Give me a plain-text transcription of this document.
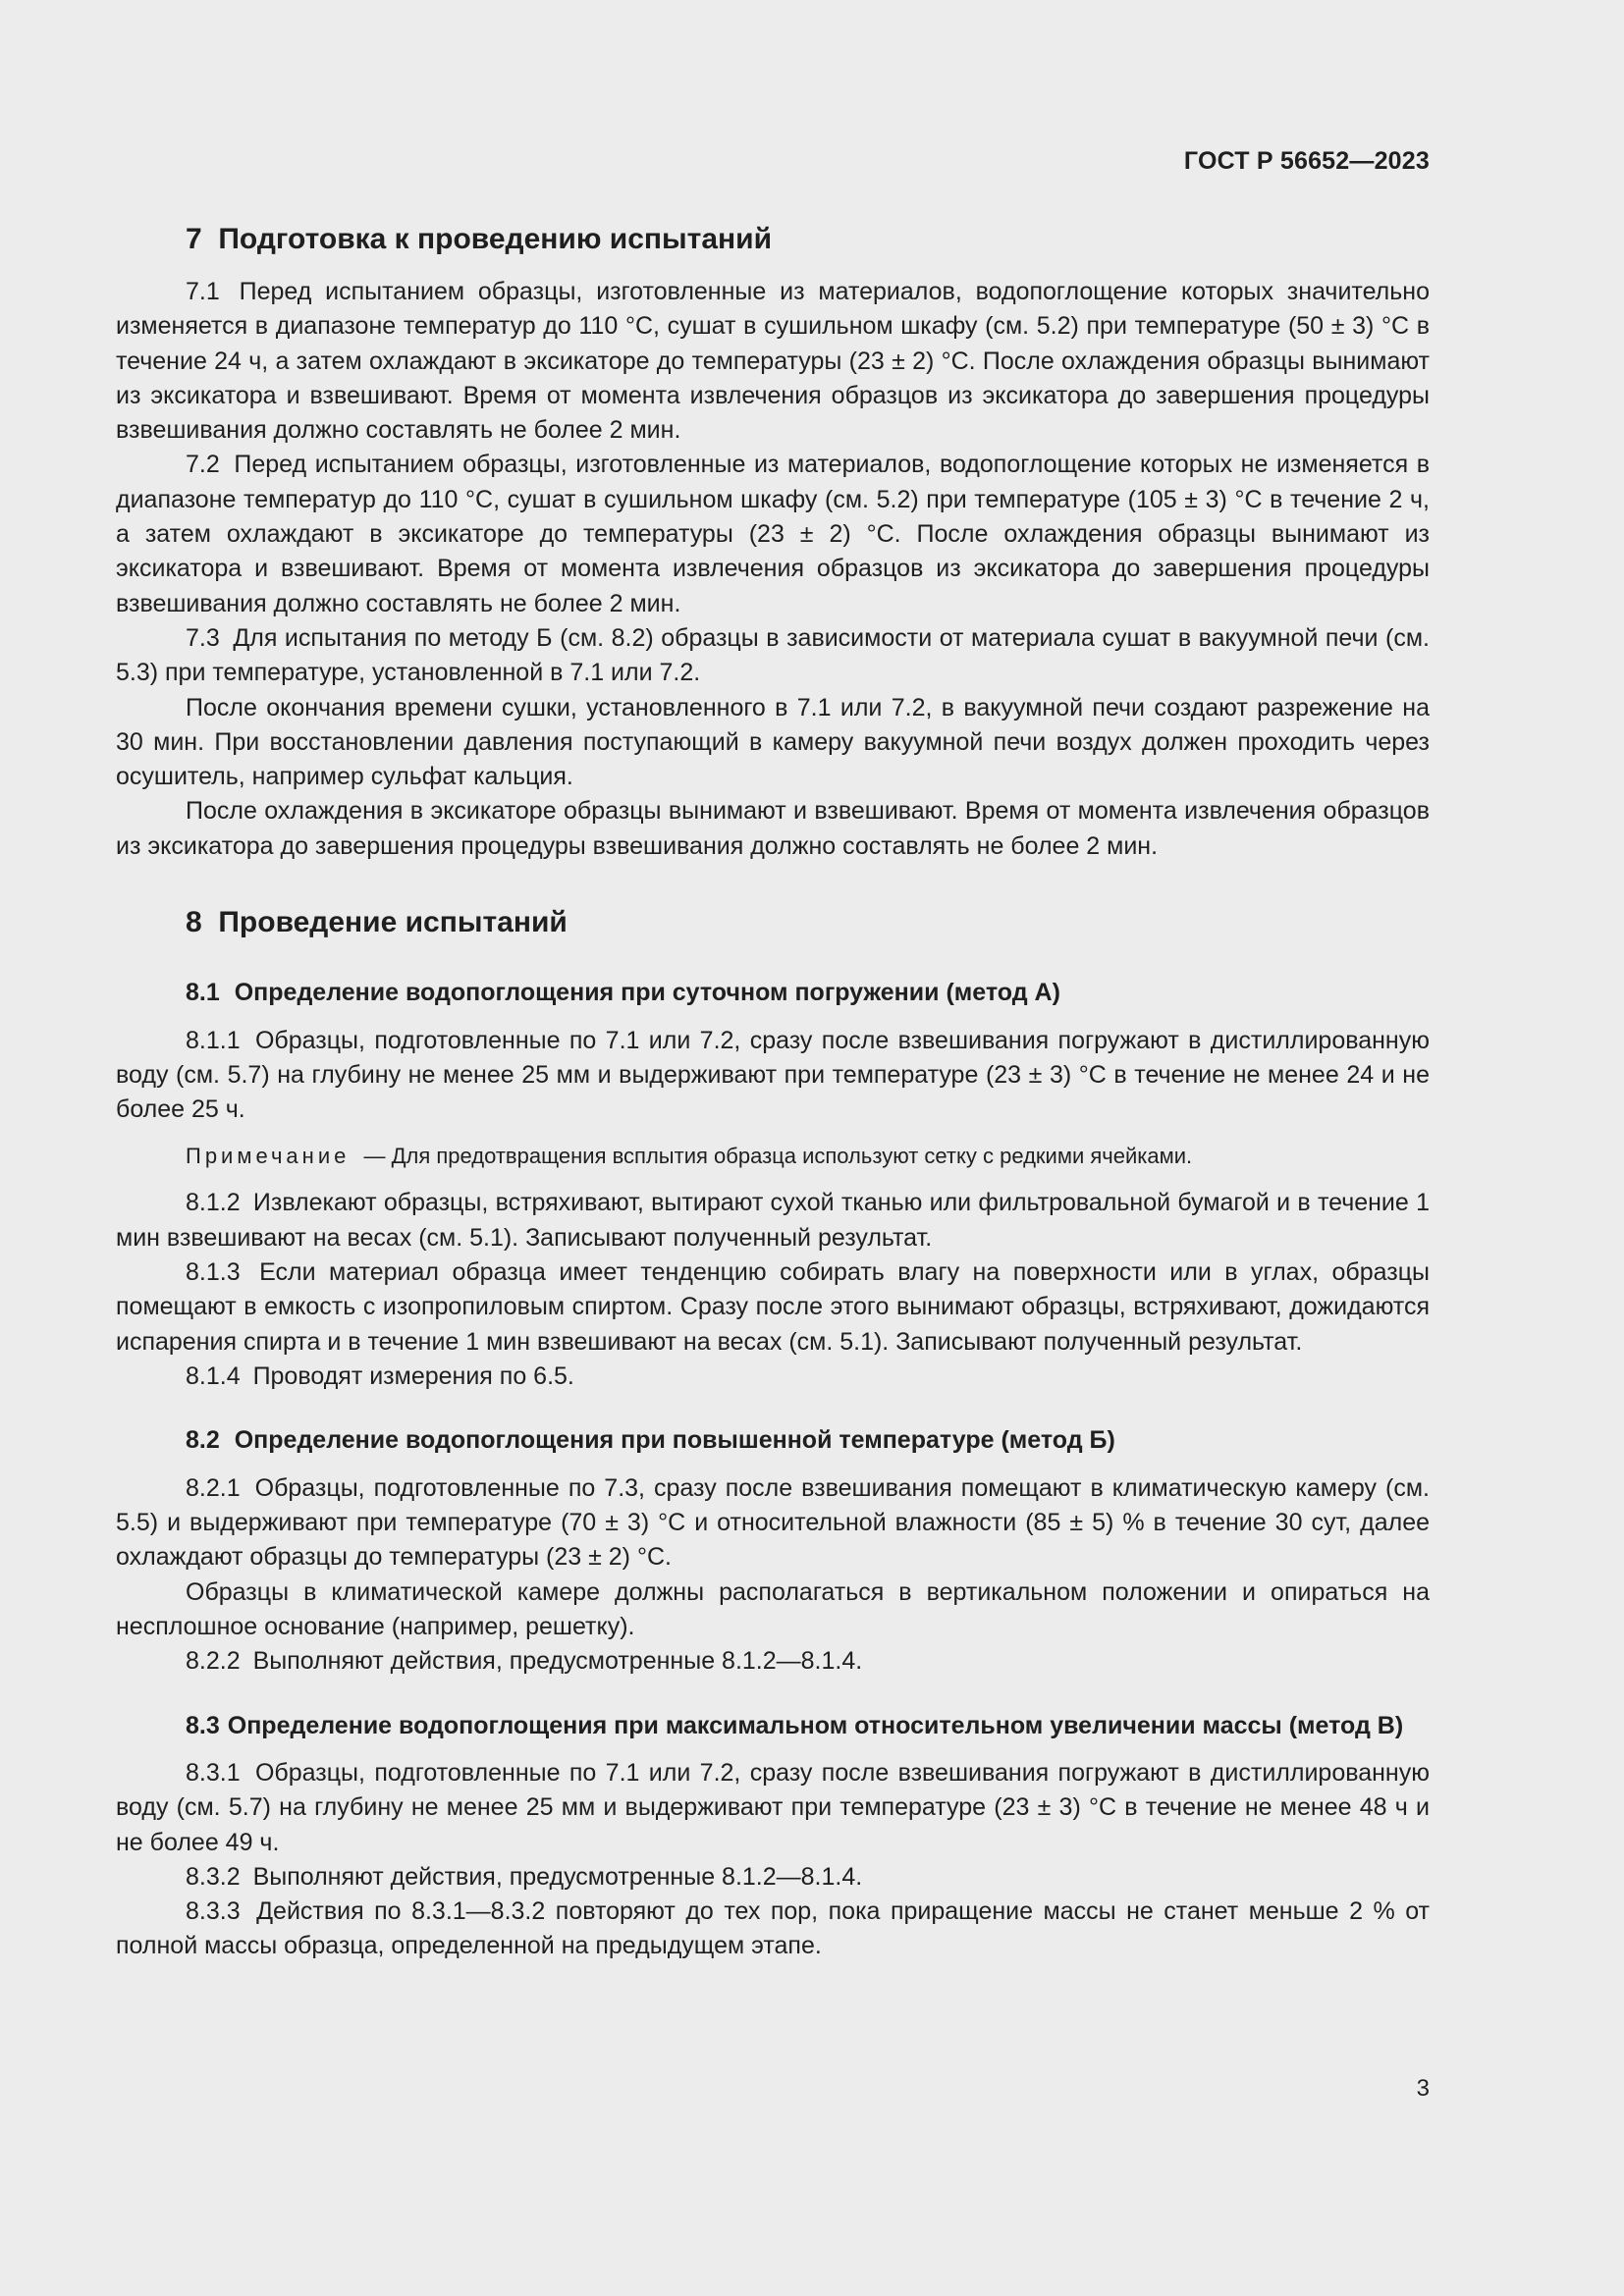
ГОСТ Р 56652—2023
7 Подготовка к проведению испытаний

7.1 Перед испытанием образцы, изготовленные из материалов, водопоглощение которых значительно изменяется в диапазоне температур до 110 °С, сушат в сушильном шкафу (см. 5.2) при температуре (50 ± 3) °С в течение 24 ч, а затем охлаждают в эксикаторе до температуры (23 ± 2) °С. После охлаждения образцы вынимают из эксикатора и взвешивают. Время от момента извлечения образцов из эксикатора до завершения процедуры взвешивания должно составлять не более 2 мин.

7.2 Перед испытанием образцы, изготовленные из материалов, водопоглощение которых не изменяется в диапазоне температур до 110 °С, сушат в сушильном шкафу (см. 5.2) при температуре (105 ± 3) °С в течение 2 ч, а затем охлаждают в эксикаторе до температуры (23 ± 2) °С. После охлаждения образцы вынимают из эксикатора и взвешивают. Время от момента извлечения образцов из эксикатора до завершения процедуры взвешивания должно составлять не более 2 мин.

7.3 Для испытания по методу Б (см. 8.2) образцы в зависимости от материала сушат в вакуумной печи (см. 5.3) при температуре, установленной в 7.1 или 7.2.

После окончания времени сушки, установленного в 7.1 или 7.2, в вакуумной печи создают разрежение на 30 мин. При восстановлении давления поступающий в камеру вакуумной печи воздух должен проходить через осушитель, например сульфат кальция.

После охлаждения в эксикаторе образцы вынимают и взвешивают. Время от момента извлечения образцов из эксикатора до завершения процедуры взвешивания должно составлять не более 2 мин.

8 Проведение испытаний
8.1 Определение водопоглощения при суточном погружении (метод А)

8.1.1 Образцы, подготовленные по 7.1 или 7.2, сразу после взвешивания погружают в дистиллированную воду (см. 5.7) на глубину не менее 25 мм и выдерживают при температуре (23 ± 3) °С в течение не менее 24 и не более 25 ч.

Примечание — Для предотвращения всплытия образца используют сетку с редкими ячейками.

8.1.2 Извлекают образцы, встряхивают, вытирают сухой тканью или фильтровальной бумагой и в течение 1 мин взвешивают на весах (см. 5.1). Записывают полученный результат.

8.1.3 Если материал образца имеет тенденцию собирать влагу на поверхности или в углах, образцы помещают в емкость с изопропиловым спиртом. Сразу после этого вынимают образцы, встряхивают, дожидаются испарения спирта и в течение 1 мин взвешивают на весах (см. 5.1). Записывают полученный результат.

8.1.4 Проводят измерения по 6.5.

8.2 Определение водопоглощения при повышенной температуре (метод Б)

8.2.1 Образцы, подготовленные по 7.3, сразу после взвешивания помещают в климатическую камеру (см. 5.5) и выдерживают при температуре (70 ± 3) °С и относительной влажности (85 ± 5) % в течение 30 сут, далее охлаждают образцы до температуры (23 ± 2) °С.

Образцы в климатической камере должны располагаться в вертикальном положении и опираться на несплошное основание (например, решетку).

8.2.2 Выполняют действия, предусмотренные 8.1.2—8.1.4.

8.3 Определение водопоглощения при максимальном относительном увеличении массы (метод В)

8.3.1 Образцы, подготовленные по 7.1 или 7.2, сразу после взвешивания погружают в дистиллированную воду (см. 5.7) на глубину не менее 25 мм и выдерживают при температуре (23 ± 3) °С в течение не менее 48 ч и не более 49 ч.

8.3.2 Выполняют действия, предусмотренные 8.1.2—8.1.4.

8.3.3 Действия по 8.3.1—8.3.2 повторяют до тех пор, пока приращение массы не станет меньше 2 % от полной массы образца, определенной на предыдущем этапе.

3
